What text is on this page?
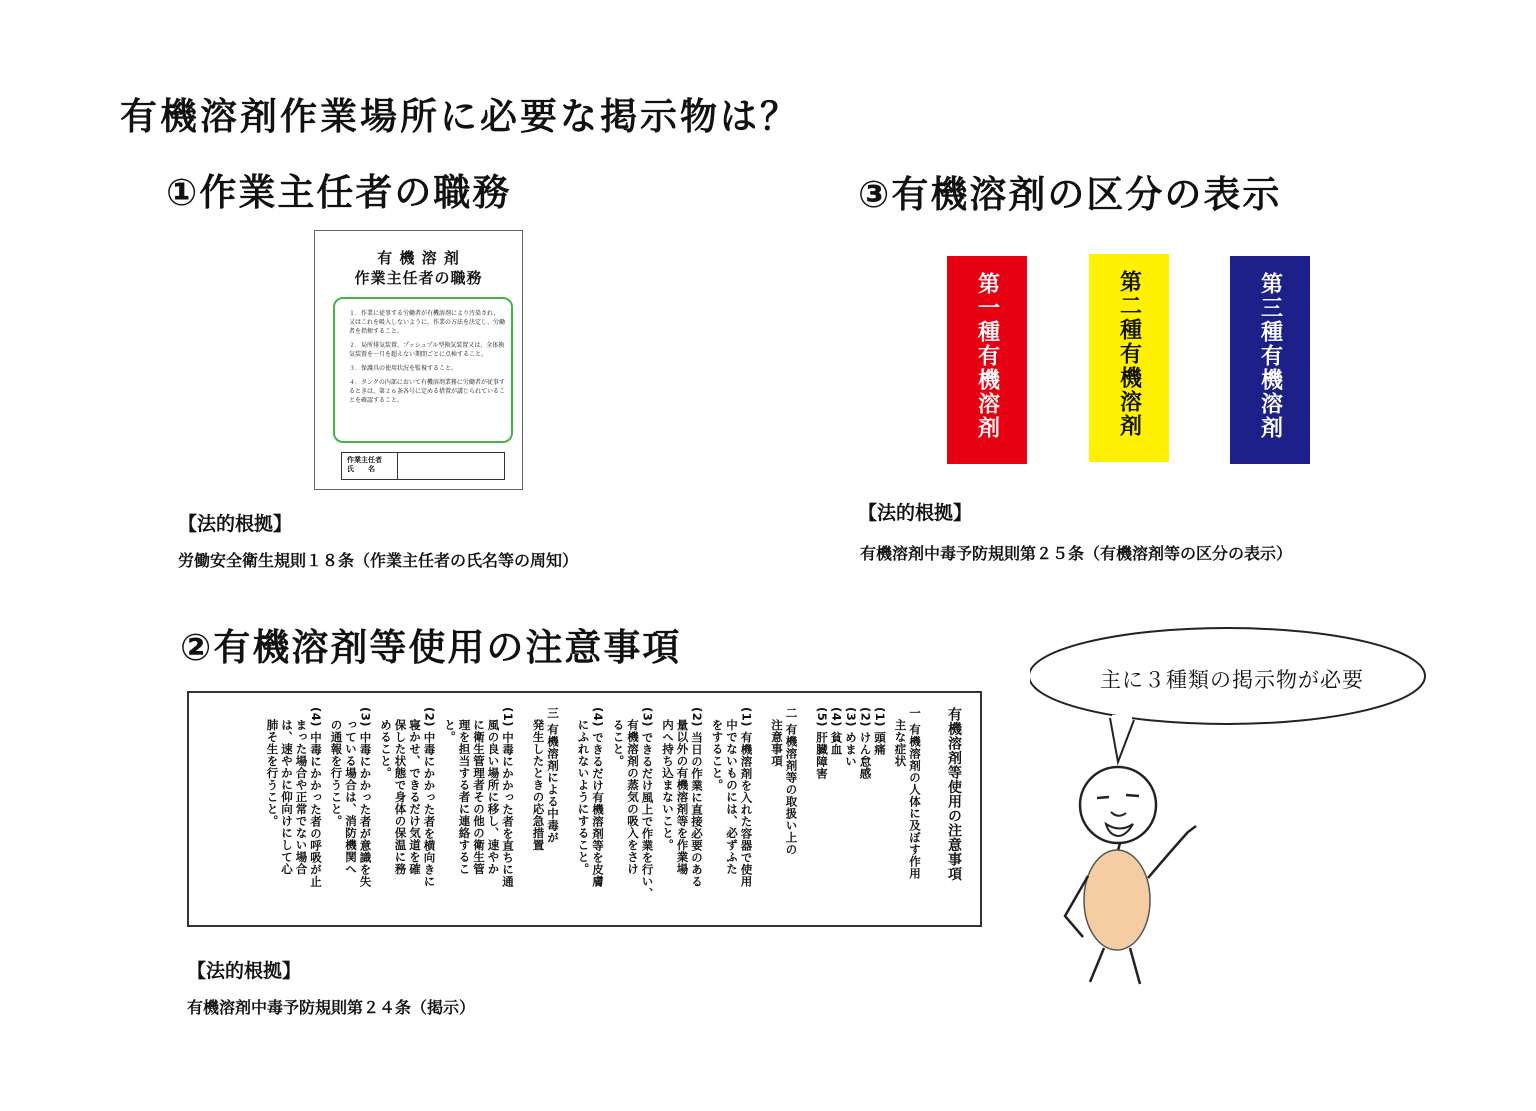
有機溶剤作業場所に必要な掲示物は？
①作業主任者の職務
有 機 溶 剤
作業主任者の職務
１．作業に従事する労働者が有機溶剤により汚染され、又はこれを吸入しないように、作業の方法を決定し、労働者を指揮すること。
２．局所排気装置、プッシュプル型換気装置又は、全体換気装置を一月を超えない期間ごとに点検すること。
３．保護具の使用状況を監視すること。
４．タンクの内部において有機溶剤業務に労働者が従事するときは、第２６条各号に定める措置が講じられていることを確認すること。
作業主任者
氏　　名
【法的根拠】
労働安全衛生規則１８条（作業主任者の氏名等の周知）
③有機溶剤の区分の表示
第一種有機溶剤	第二種有機溶剤	第三種有機溶剤
【法的根拠】
有機溶剤中毒予防規則第２５条（有機溶剤等の区分の表示）
②有機溶剤等使用の注意事項
有機溶剤等使用の注意事項
一 有機溶剤の人体に及ぼす作用
　主な症状
(1) 頭痛
(2) けん怠感
(3) めまい
(4) 貧血
(5) 肝臓障害
二 有機溶剤等の取扱い上の
　注意事項
(1) 有機溶剤を入れた容器で使用
　中でないものには、必ずふた
　をすること。
(2) 当日の作業に直接必要のある
　量以外の有機溶剤等を作業場
　内へ持ち込まないこと。
(3) できるだけ風上で作業を行い、
　有機溶剤の蒸気の吸入をさけ
　ること。
(4) できるだけ有機溶剤等を皮膚
　にふれないようにすること。
三 有機溶剤による中毒が
　発生したときの応急措置
(1) 中毒にかかった者を直ちに通
　風の良い場所に移し、速やか
　に衛生管理者その他の衛生管
　理を担当する者に連絡するこ
　と。
(2) 中毒にかかった者を横向きに
　寝かせ、できるだけ気道を確
　保した状態で身体の保温に務
　めること。
(3) 中毒にかかった者が意識を失
　っている場合は、消防機関へ
　の通報を行うこと。
(4) 中毒にかかった者の呼吸が止
　まった場合や正常でない場合
　は、速やかに仰向けにして心
　肺そ生を行うこと。
【法的根拠】
有機溶剤中毒予防規則第２４条（掲示）
主に３種類の掲示物が必要
